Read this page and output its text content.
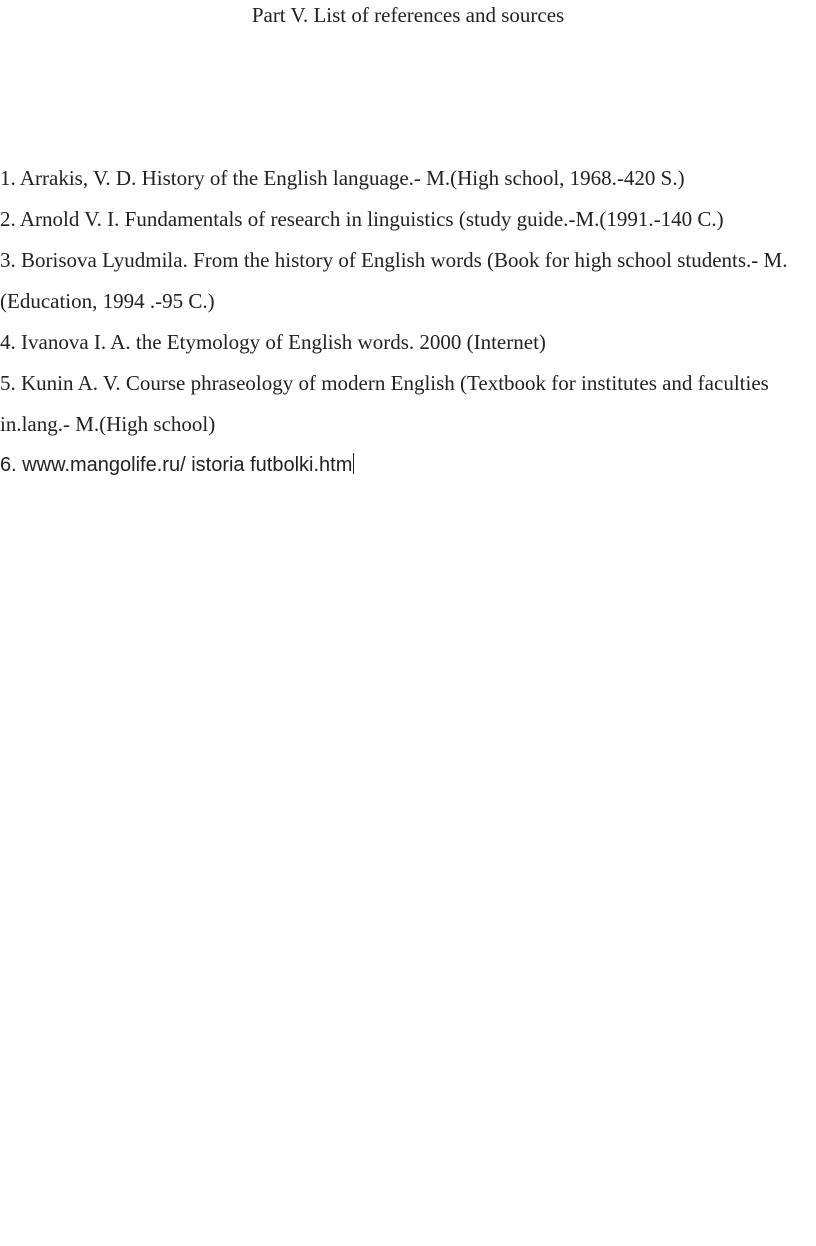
Part V. List of references and sources

1. Arrakis, V. D. History of the English language.- M.(High school, 1968.-420 S.)

2. Arnold V. I. Fundamentals of research in linguistics (study guide.-M.(1991.-140 C.)

3. Borisova Lyudmila. From the history of English words (Book for high school students.- M.(Education, 1994 .-95 C.)

4. Ivanova I. A. the Etymology of English words. 2000 (Internet)

5. Kunin A. V. Course phraseology of modern English (Textbook for institutes and faculties in.lang.- M.(High school)

6. www.mangolife.ru/ istoria futbolki.htm
